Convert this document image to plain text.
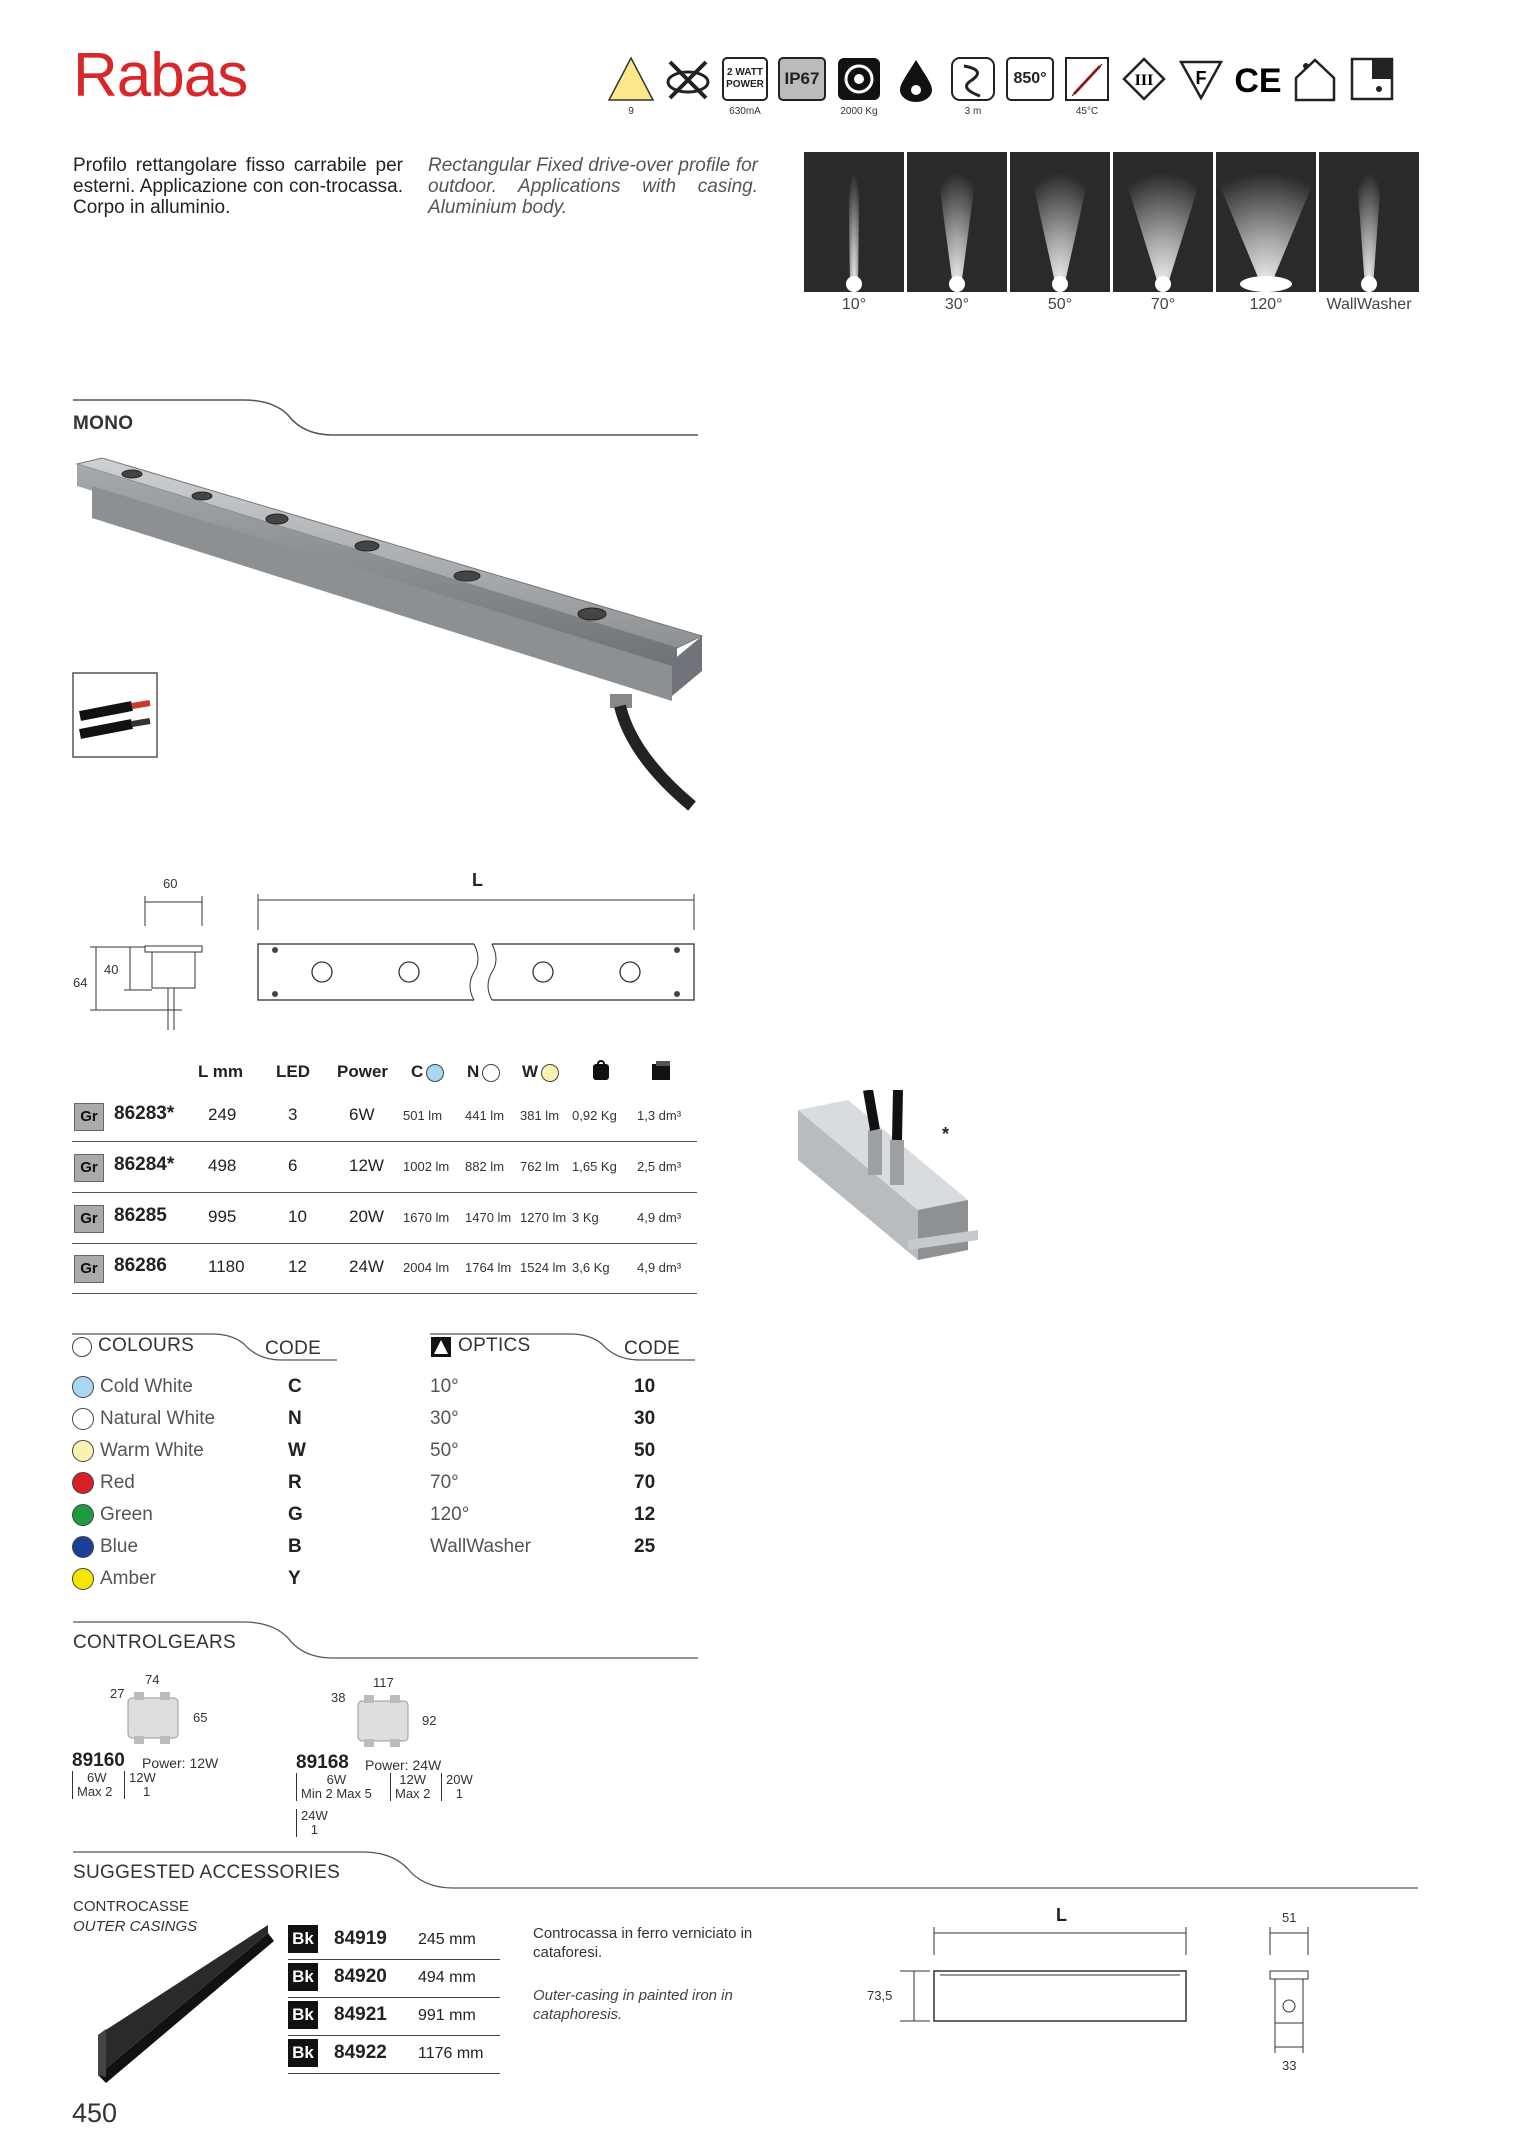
Rabas
9
2 WATT POWER
630mA
IP67
2000 Kg	3 m
850°
45°C
III F CE
Profilo rettangolare fisso carrabile per esterni. Applicazione con con-trocassa. Corpo in alluminio.
Rectangular Fixed drive-over profile for outdoor. Applications with casing. Aluminium body.
10°	30°	50°	70°	120°	WallWasher
MONO
60
64
40
L
L mm LED Power C	N	W
Gr 86283* 249	3	6W 501 lm 441 lm 381 lm 0,92 Kg 1,3 dm³
Gr 86284* 498	6	12W 1002 lm 882 lm 762 lm 1,65 Kg 2,5 dm³
Gr 86285 995	10 20W 1670 lm 1470 lm 1270 lm 3 Kg	4,9 dm³
Gr 86286 1180	12 24W 2004 lm 1764 lm 1524 lm 3,6 Kg 4,9 dm³
*
COLOURS	CODE
Cold White	C
Natural White	N
Warm White	W
Red	R
Green	G
Blue	B
Amber	Y
OPTICS	CODE
10°	10
30°	30
50°	50
70°	70
120°	12
WallWasher	25
CONTROLGEARS
74
27
65
89160 Power: 12W
6W
Max 2
12W
1
117
38
92
89168 Power: 24W
6W
Min 2 Max 5
12W
Max 2
20W
1
24W
1
SUGGESTED ACCESSORIES
CONTROCASSE
OUTER CASINGS
Bk 84919 245 mm
Bk 84920 494 mm
Bk 84921 991 mm
Bk 84922 1176 mm
Controcassa in ferro verniciato in cataforesi.
Outer-casing in painted iron in cataphoresis.
L
73,5
51
33
450
